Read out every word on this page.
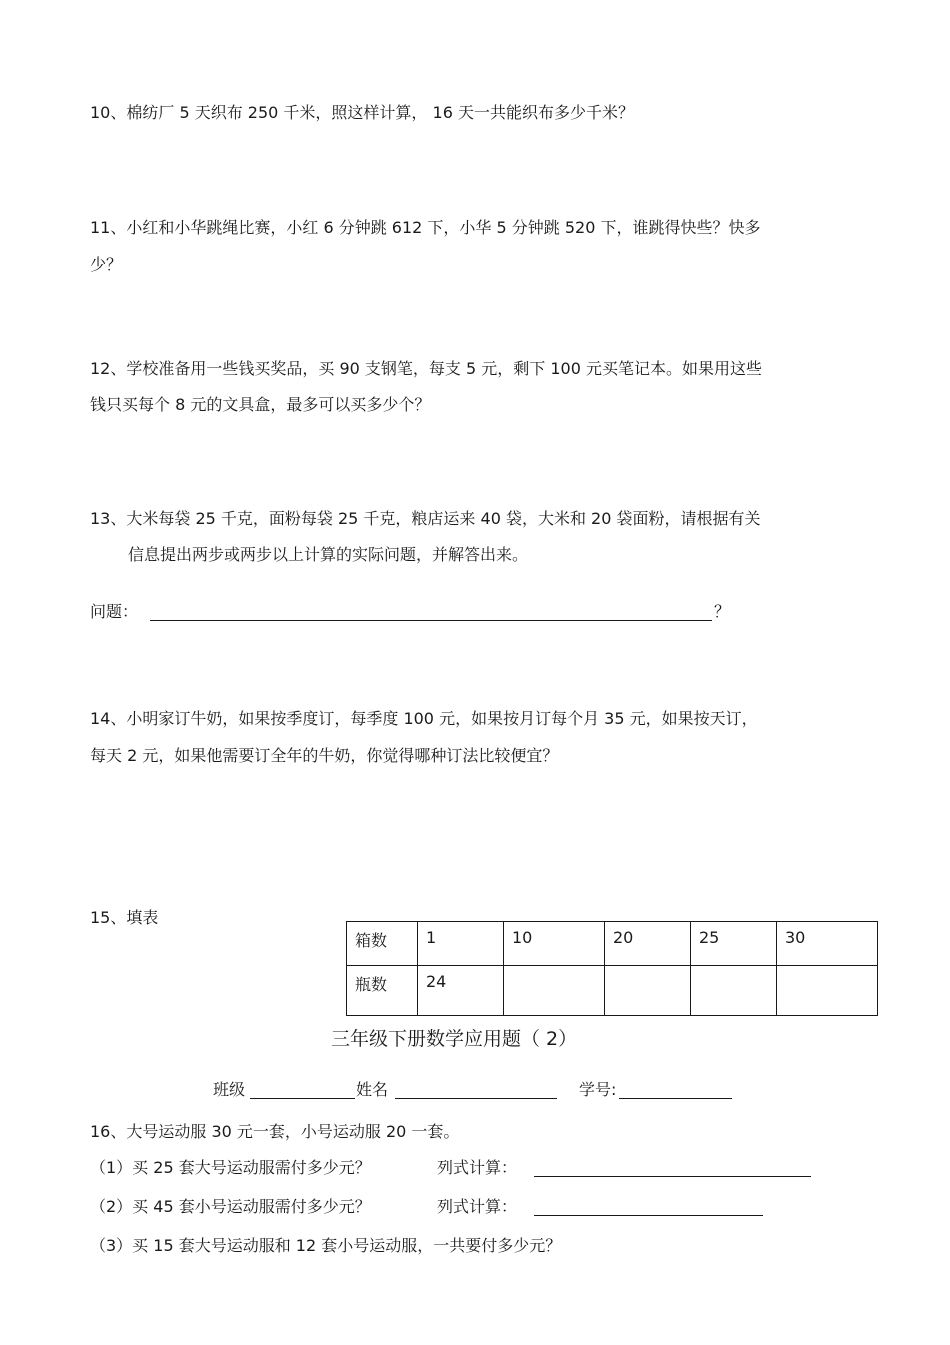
10、棉纺厂 5 天织布 250 千米，照这样计算， 16 天一共能织布多少千米？
11、小红和小华跳绳比赛，小红 6 分钟跳 612 下，小华 5 分钟跳 520 下，谁跳得快些？快多
少？
12、学校准备用一些钱买奖品，买 90 支钢笔，每支 5 元，剩下 100 元买笔记本。如果用这些
钱只买每个 8 元的文具盒，最多可以买多少个？
13、大米每袋 25 千克，面粉每袋 25 千克，粮店运来 40 袋，大米和 20 袋面粉，请根据有关
信息提出两步或两步以上计算的实际问题，并解答出来。
问题：	？
14、小明家订牛奶，如果按季度订，每季度 100 元，如果按月订每个月 35 元，如果按天订，
每天 2 元，如果他需要订全年的牛奶，你觉得哪种订法比较便宜？
15、填表
箱数	1	10	20	25	30
瓶数	24				
三年级下册数学应用题（ 2）
班级	姓名	学号:
16、大号运动服 30 元一套，小号运动服 20 一套。
（1）买 25 套大号运动服需付多少元？	列式计算：
（2）买 45 套小号运动服需付多少元？	列式计算：
（3）买 15 套大号运动服和 12 套小号运动服，一共要付多少元？
